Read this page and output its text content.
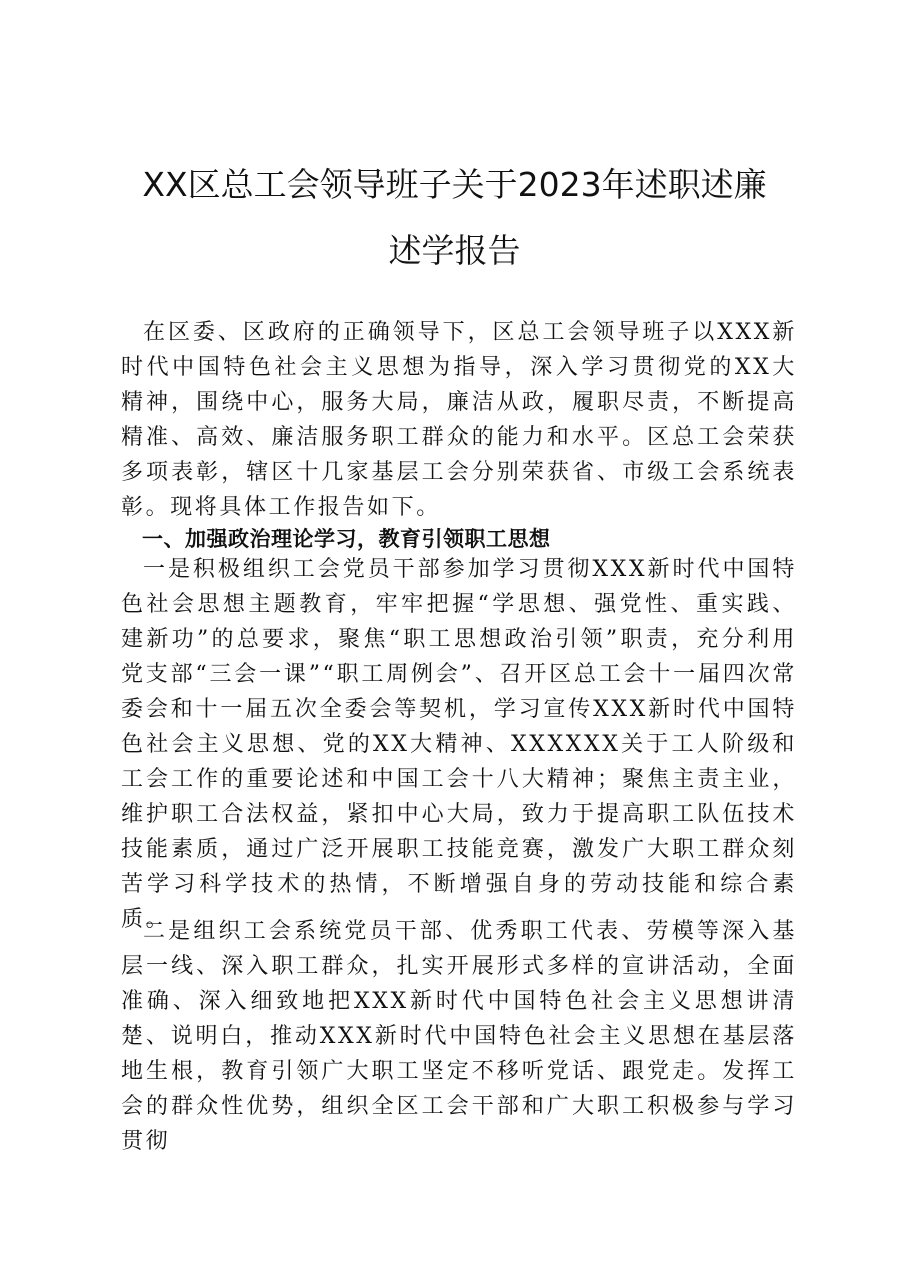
XX区总工会领导班子关于2023年述职述廉
述学报告

在区委、区政府的正确领导下，区总工会领导班子以XXX新时代中国特色社会主义思想为指导，深入学习贯彻党的XX大精神，围绕中心，服务大局，廉洁从政，履职尽责，不断提高精准、高效、廉洁服务职工群众的能力和水平。区总工会荣获多项表彰，辖区十几家基层工会分别荣获省、市级工会系统表彰。现将具体工作报告如下。

一、加强政治理论学习，教育引领职工思想

一是积极组织工会党员干部参加学习贯彻XXX新时代中国特色社会思想主题教育，牢牢把握“学思想、强党性、重实践、建新功”的总要求，聚焦“职工思想政治引领”职责，充分利用党支部“三会一课”“职工周例会”、召开区总工会十一届四次常委会和十一届五次全委会等契机，学习宣传XXX新时代中国特色社会主义思想、党的XX大精神、XXXXXX关于工人阶级和工会工作的重要论述和中国工会十八大精神；聚焦主责主业，维护职工合法权益，紧扣中心大局，致力于提高职工队伍技术技能素质，通过广泛开展职工技能竞赛，激发广大职工群众刻苦学习科学技术的热情，不断增强自身的劳动技能和综合素质。

二是组织工会系统党员干部、优秀职工代表、劳模等深入基层一线、深入职工群众，扎实开展形式多样的宣讲活动，全面准确、深入细致地把XXX新时代中国特色社会主义思想讲清楚、说明白，推动XXX新时代中国特色社会主义思想在基层落地生根，教育引领广大职工坚定不移听党话、跟党走。发挥工会的群众性优势，组织全区工会干部和广大职工积极参与学习贯彻
